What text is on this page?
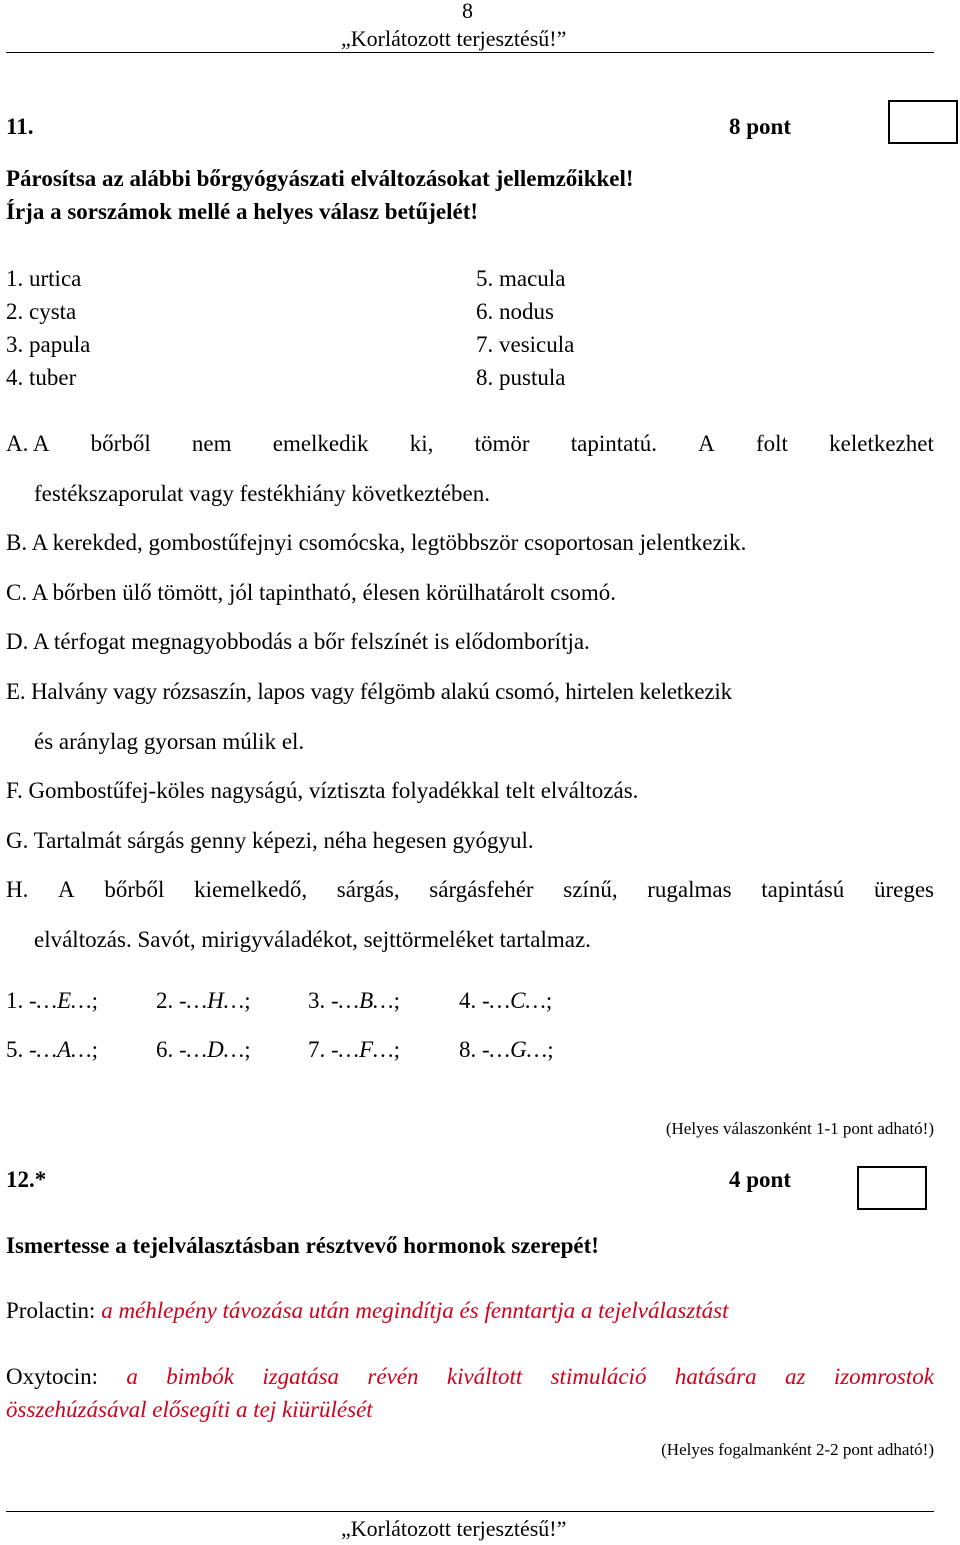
8
„Korlátozott terjesztésű!”
11.	8 pont
Párosítsa az alábbi bőrgyógyászati elváltozásokat jellemzőikkel!
Írja a sorszámok mellé a helyes válasz betűjelét!
1. urtica
2. cysta
3. papula
4. tuber
5. macula
6. nodus
7. vesicula
8. pustula
A. A bőrből nem emelkedik ki, tömör tapintatú. A folt keletkezhet
festékszaporulat vagy festékhiány következtében.
B. A kerekded, gombostűfejnyi csomócska, legtöbbször csoportosan jelentkezik.
C. A bőrben ülő tömött, jól tapintható, élesen körülhatárolt csomó.
D. A térfogat megnagyobbodás a bőr felszínét is elődomborítja.
E. Halvány vagy rózsaszín, lapos vagy félgömb alakú csomó, hirtelen keletkezik
és aránylag gyorsan múlik el.
F. Gombostűfej-köles nagyságú, víztiszta folyadékkal telt elváltozás.
G. Tartalmát sárgás genny képezi, néha hegesen gyógyul.
H. A bőrből kiemelkedő, sárgás, sárgásfehér színű, rugalmas tapintású üreges
elváltozás. Savót, mirigyváladékot, sejttörmeléket tartalmaz.
1. -…E…;	2. -…H…; 3. -…B…;	4. -…C…;
5. -…A…;	6. -…D…; 7. -…F…;	8. -…G…;
(Helyes válaszonként 1-1 pont adható!)
12.*	4 pont
Ismertesse a tejelválasztásban résztvevő hormonok szerepét!
Prolactin: a méhlepény távozása után megindítja és fenntartja a tejelválasztást
Oxytocin: a bimbók izgatása révén kiváltott stimuláció hatására az izomrostok
összehúzásával elősegíti a tej kiürülését
(Helyes fogalmanként 2-2 pont adható!)
„Korlátozott terjesztésű!”
